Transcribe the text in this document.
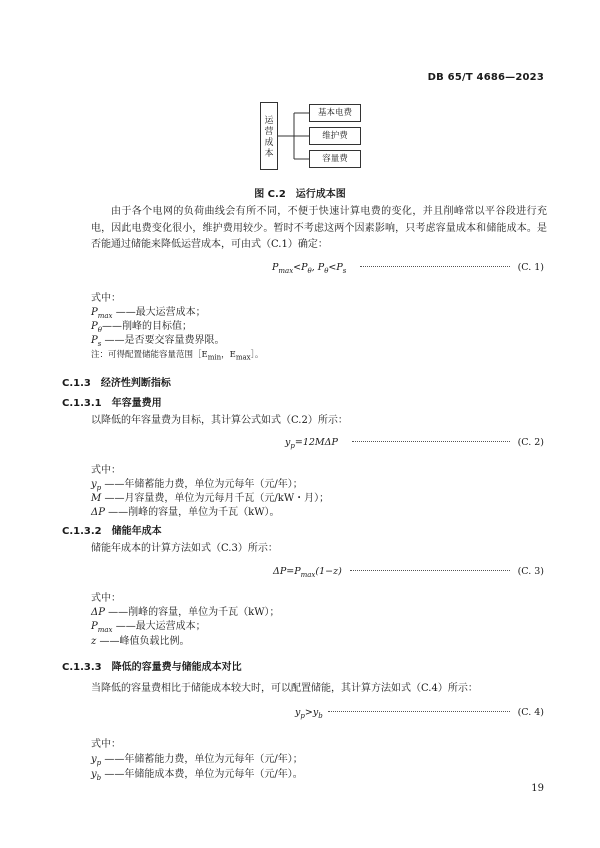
DB 65/T 4686—2023
运
营
成
本
基本电费
维护费
容量费
图 C.2　运行成本图
由于各个电网的负荷曲线会有所不同，不便于快速计算电费的变化，并且削峰常以平谷段进行充电，因此电费变化很小，维护费用较少。暂时不考虑这两个因素影响，只考虑容量成本和储能成本。是否能通过储能来降低运营成本，可由式（C.1）确定：
$P_{max}<P_\theta$, $P_\theta<P_s$	(C. 1)
式中：
$P_{max}$ ——最大运营成本；
$P_\theta——$削峰的目标值；
$P_s$ ——是否要交容量费界限。
注：可得配置储能容量范围$[E_{min}$，$E_{max}]$。
C.1.3　 经济性判断指标
C.1.3.1　 年容量费用
以降低的年容量费为目标，其计算公式如式（C.2）所示：
$y_p=12M\Delta P$	(C. 2)
式中：
$y_p$ ——年储蓄能力费，单位为元每年（元/年）；
M ——月容量费，单位为元每月千瓦（元/kW・月）；
ΔP ——削峰的容量，单位为千瓦（kW）。
C.1.3.2　 储能年成本
储能年成本的计算方法如式（C.3）所示：
$\Delta P=P_{max}(1-z)$	(C. 3)
式中：
ΔP ——削峰的容量，单位为千瓦（kW）；
$P_{max}$ ——最大运营成本；
z ——峰值负载比例。
C.1.3.3　 降低的容量费与储能成本对比
当降低的容量费相比于储能成本较大时，可以配置储能，其计算方法如式（C.4）所示：
$y_p>y_b$	(C. 4)
式中：
$y_p$ ——年储蓄能力费，单位为元每年（元/年）；
$y_b$ ——年储能成本费，单位为元每年（元/年）。
19
